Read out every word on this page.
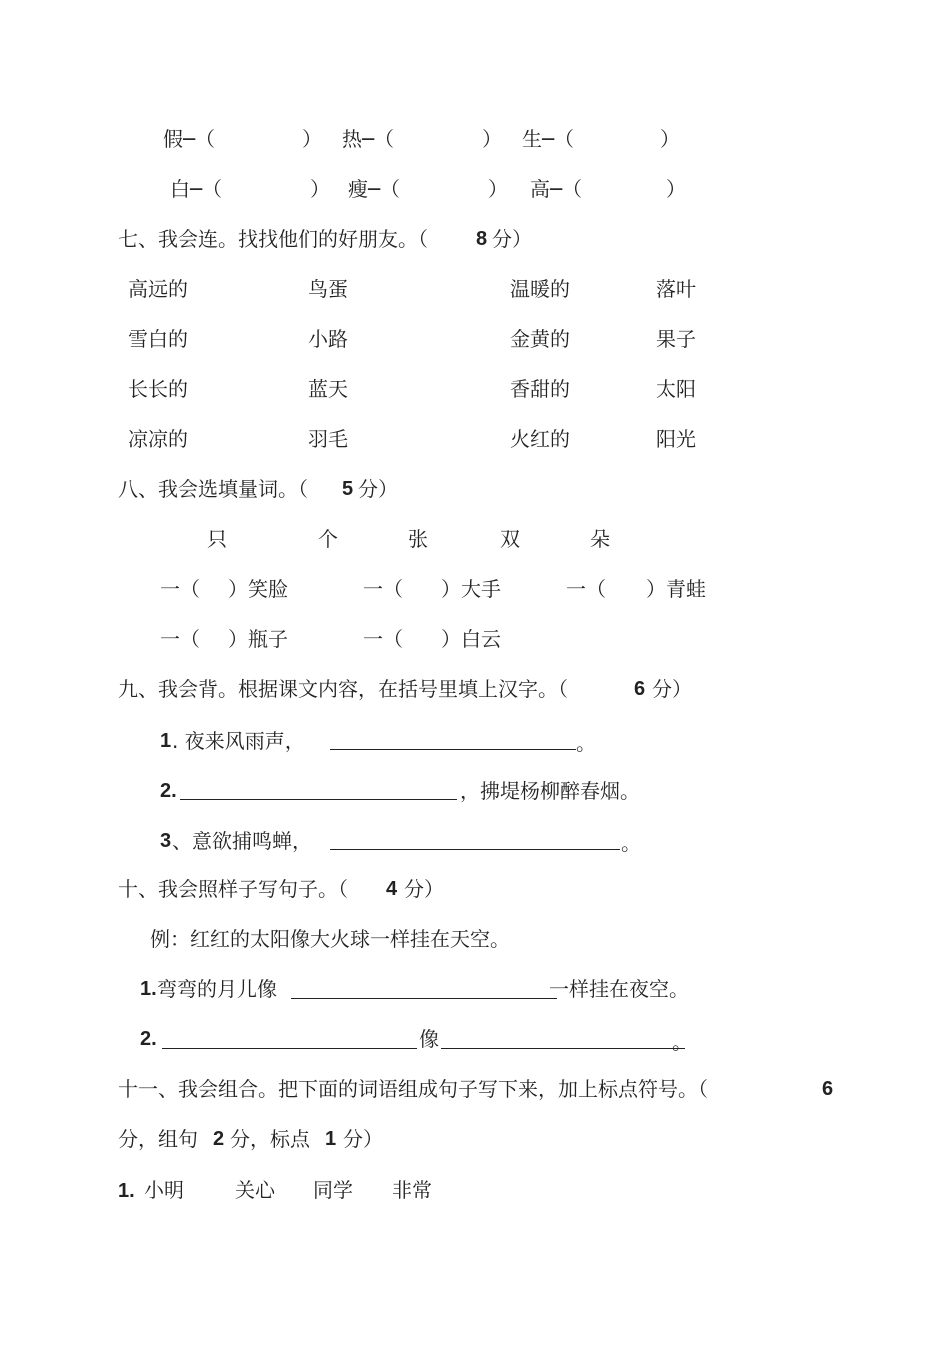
假─（	） 热─（	） 生─（	）
白─（	） 瘦─（	） 高─（	）
七、我会连。找找他们的好朋友。（ 8 分）
高远的	鸟蛋	温暖的	落叶
雪白的	小路	金黄的	果子
长长的	蓝天	香甜的	太阳
凉凉的	羽毛	火红的	阳光
八、我会选填量词。（ 5 分）
只	个	张	双	朵
一（ ）笑脸	一（ ）大手	一（ ）青蛙
一（ ）瓶子	一（ ）白云
九、我会背。根据课文内容，在括号里填上汉字。（	6 分）
1 . 夜来风雨声，	。
2.	，拂堤杨柳醉春烟。
3 、意欲捕鸣蝉，	。
十、我会照样子写句子。（ 4 分）
例：红红的太阳像大火球一样挂在天空。
1. 弯弯的月儿像	一样挂在夜空。
2.	像	。
十一、我会组合。把下面的词语组成句子写下来，加上标点符号。（	6
分，组句 2 分，标点 1 分）
1. 小明	关心 同学 非常
